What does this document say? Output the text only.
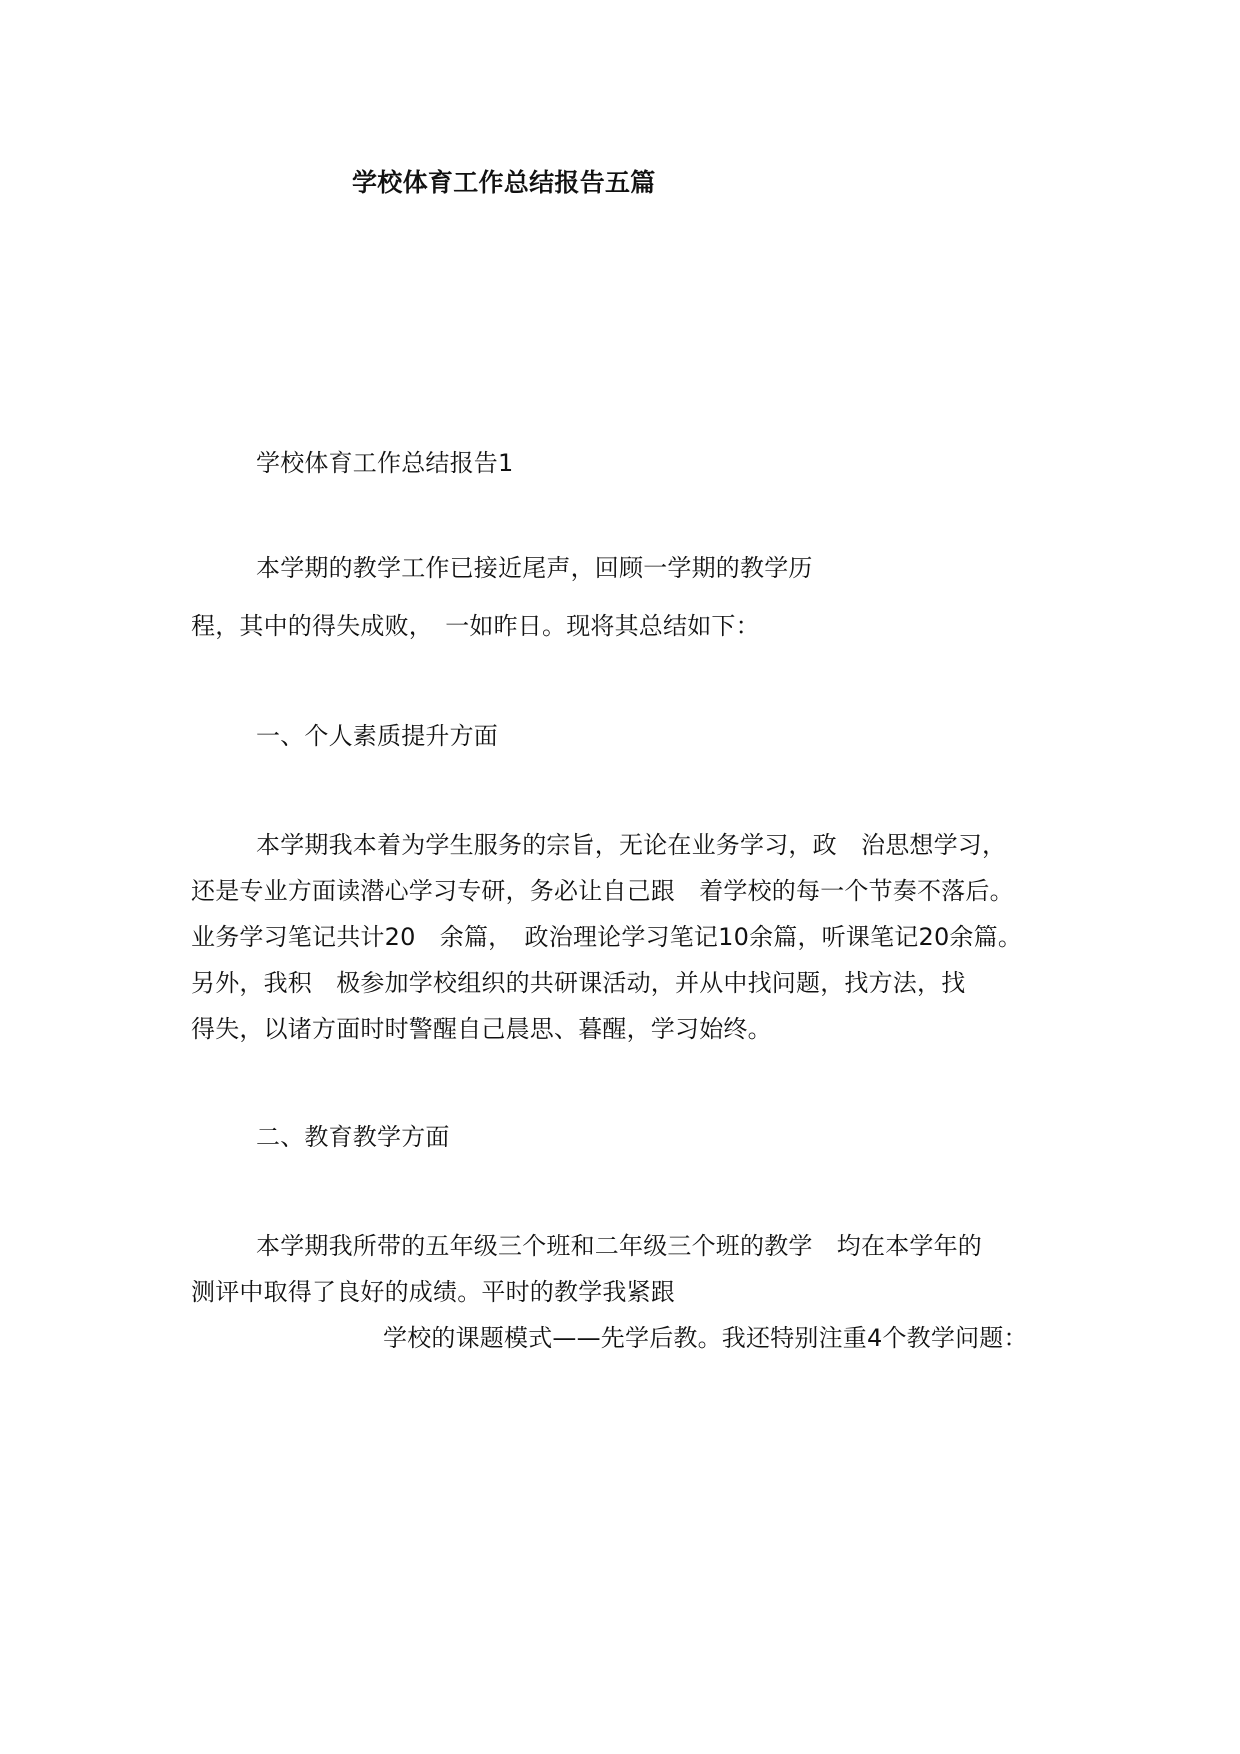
学校体育工作总结报告五篇
学校体育工作总结报告1
本学期的教学工作已接近尾声，回顾一学期的教学历
程，其中的得失成败，　一如昨日。现将其总结如下：
一、个人素质提升方面
本学期我本着为学生服务的宗旨，无论在业务学习，政　治思想学习，
还是专业方面读潜心学习专研，务必让自己跟　着学校的每一个节奏不落后。
业务学习笔记共计20　余篇，　政治理论学习笔记10余篇，听课笔记20余篇。
另外，我积　极参加学校组织的共研课活动，并从中找问题，找方法，找
得失，以诸方面时时警醒自己晨思、暮醒，学习始终。
二、教育教学方面
本学期我所带的五年级三个班和二年级三个班的教学　均在本学年的
测评中取得了良好的成绩。平时的教学我紧跟
学校的课题模式——先学后教。我还特别注重4个教学问题：
